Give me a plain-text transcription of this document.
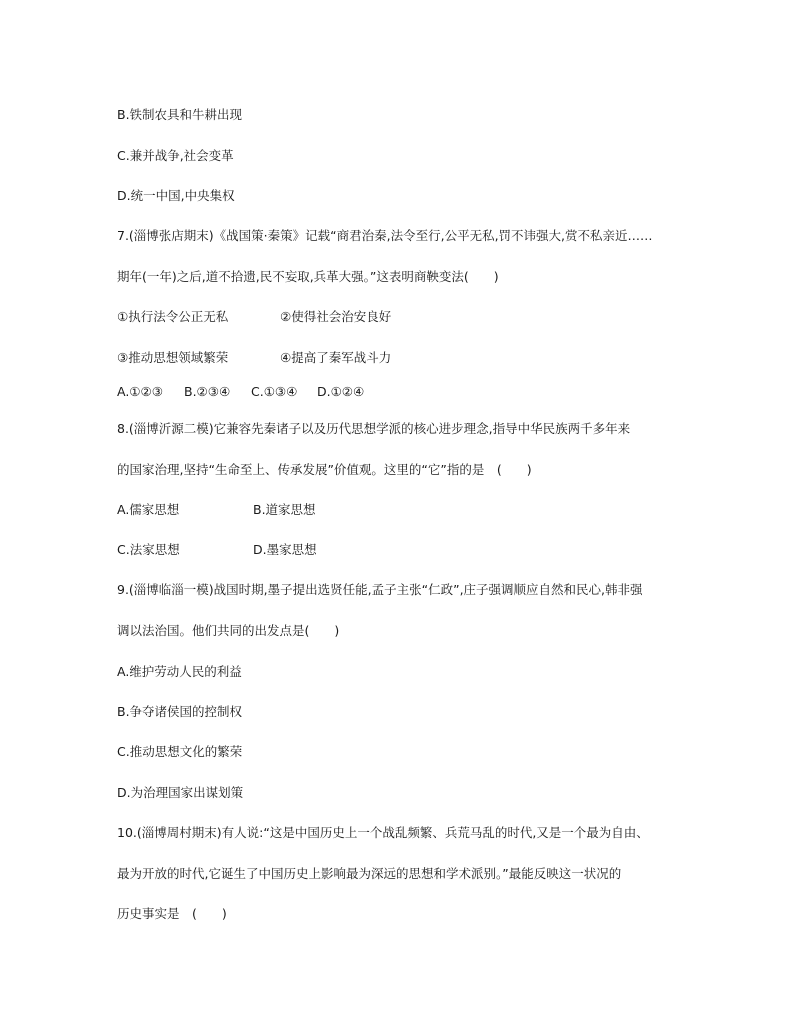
B.铁制农具和牛耕出现
C.兼并战争,社会变革
D.统一中国,中央集权
7.(淄博张店期末)《战国策·秦策》记载“商君治秦,法令至行,公平无私,罚不讳强大,赏不私亲近……
期年(一年)之后,道不拾遗,民不妄取,兵革大强。”这表明商鞅变法(　　)
①执行法令公正无私	②使得社会治安良好
③推动思想领域繁荣	④提高了秦军战斗力
A.①②③ B.②③④ C.①③④ D.①②④
8.(淄博沂源二模)它兼容先秦诸子以及历代思想学派的核心进步理念,指导中华民族两千多年来
的国家治理,坚持“生命至上、传承发展”价值观。这里的“它”指的是　(　　)
A.儒家思想	B.道家思想
C.法家思想	D.墨家思想
9.(淄博临淄一模)战国时期,墨子提出选贤任能,孟子主张“仁政”,庄子强调顺应自然和民心,韩非强
调以法治国。他们共同的出发点是(　　)
A.维护劳动人民的利益
B.争夺诸侯国的控制权
C.推动思想文化的繁荣
D.为治理国家出谋划策
10.(淄博周村期末)有人说:“这是中国历史上一个战乱频繁、兵荒马乱的时代,又是一个最为自由、
最为开放的时代,它诞生了中国历史上影响最为深远的思想和学术派别。”最能反映这一状况的
历史事实是　(　　)
